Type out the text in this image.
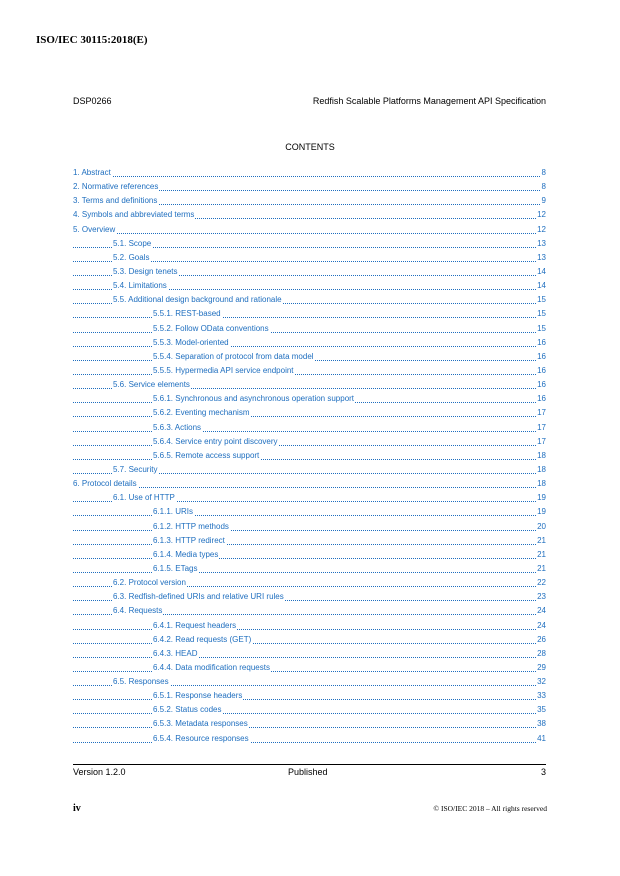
ISO/IEC 30115:2018(E)
DSP0266	Redfish Scalable Platforms Management API Specification
CONTENTS
1. Abstract	8
2. Normative references	8
3. Terms and definitions	9
4. Symbols and abbreviated terms	12
5. Overview	12
5.1. Scope	13
5.2. Goals	13
5.3. Design tenets	14
5.4. Limitations	14
5.5. Additional design background and rationale	15
5.5.1. REST-based	15
5.5.2. Follow OData conventions	15
5.5.3. Model-oriented	16
5.5.4. Separation of protocol from data model	16
5.5.5. Hypermedia API service endpoint	16
5.6. Service elements	16
5.6.1. Synchronous and asynchronous operation support	16
5.6.2. Eventing mechanism	17
5.6.3. Actions	17
5.6.4. Service entry point discovery	17
5.6.5. Remote access support	18
5.7. Security	18
6. Protocol details	18
6.1. Use of HTTP	19
6.1.1. URIs	19
6.1.2. HTTP methods	20
6.1.3. HTTP redirect	21
6.1.4. Media types	21
6.1.5. ETags	21
6.2. Protocol version	22
6.3. Redfish-defined URIs and relative URI rules	23
6.4. Requests	24
6.4.1. Request headers	24
6.4.2. Read requests (GET)	26
6.4.3. HEAD	28
6.4.4. Data modification requests	29
6.5. Responses	32
6.5.1. Response headers	33
6.5.2. Status codes	35
6.5.3. Metadata responses	38
6.5.4. Resource responses	41
Version 1.2.0	Published	3
iv	© ISO/IEC 2018 – All rights reserved
